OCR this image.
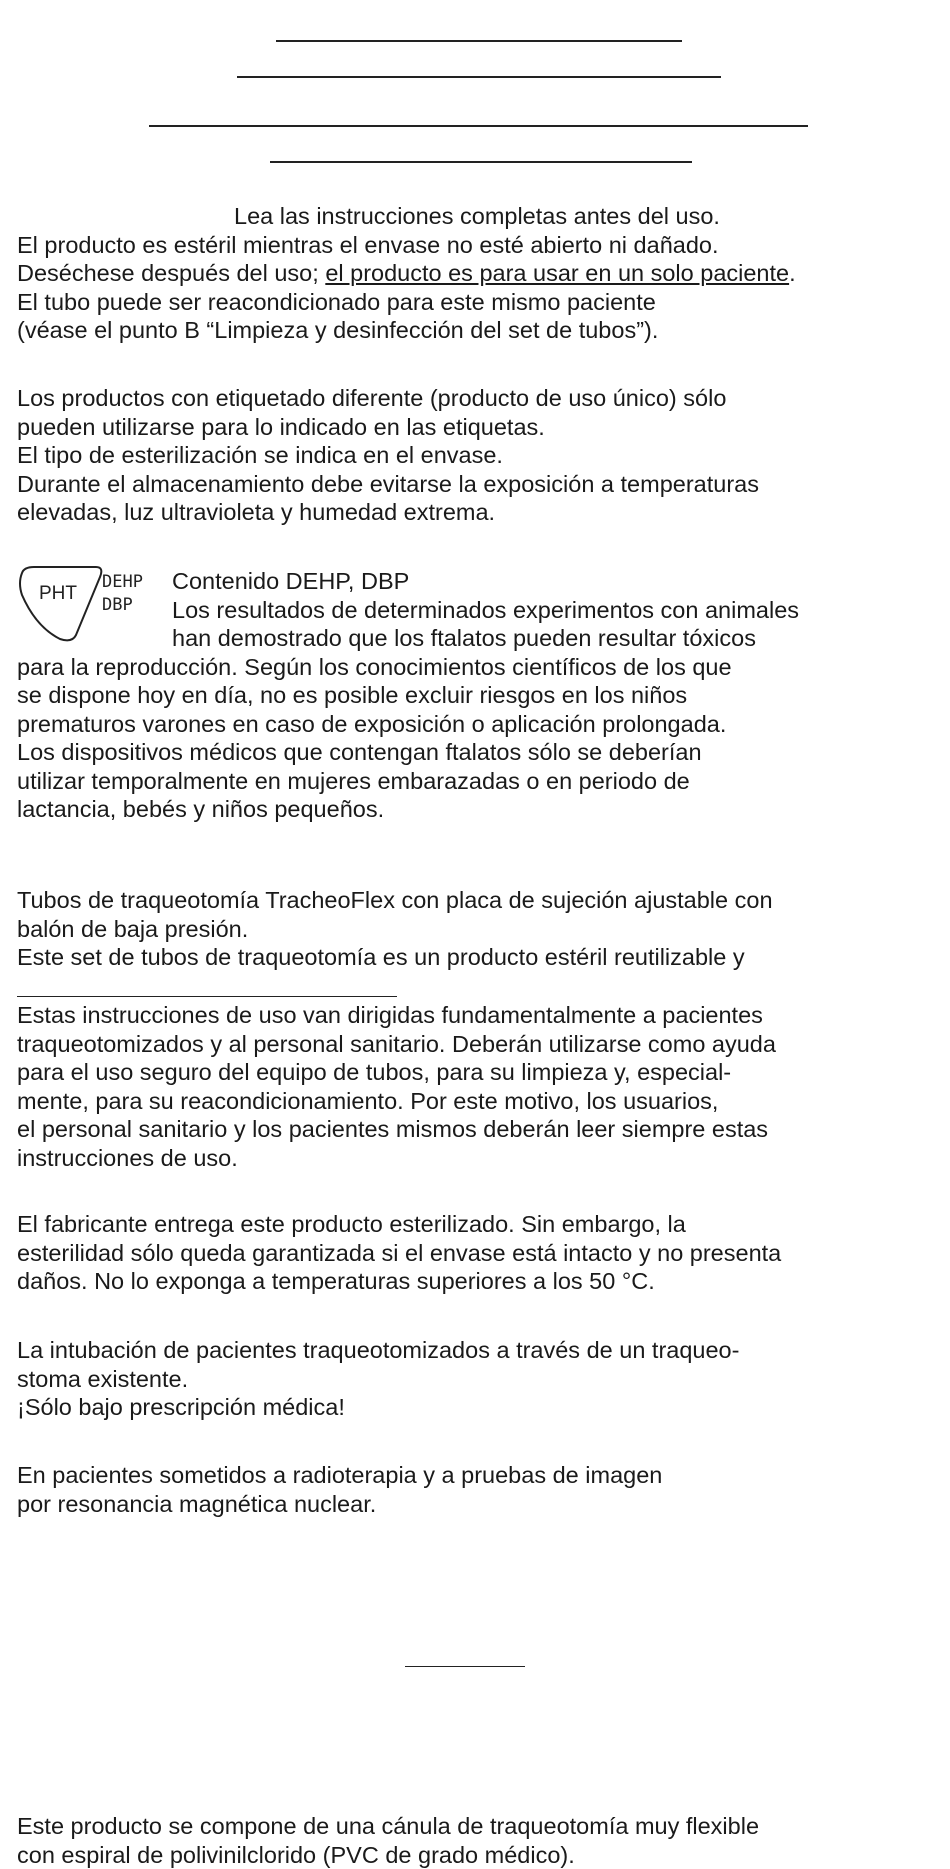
Lea las instrucciones completas antes del uso.
El producto es estéril mientras el envase no esté abierto ni dañado.
Deséchese después del uso; el producto es para usar en un solo paciente.
El tubo puede ser reacondicionado para este mismo paciente
(véase el punto B “Limpieza y desinfección del set de tubos”).
Los productos con etiquetado diferente (producto de uso único) sólo
pueden utilizarse para lo indicado en las etiquetas.
El tipo de esterilización se indica en el envase.
Durante el almacenamiento debe evitarse la exposición a temperaturas
elevadas, luz ultravioleta y humedad extrema.
PHT
DEHP
DBP
Contenido DEHP, DBP
Los resultados de determinados experimentos con animales
han demostrado que los ftalatos pueden resultar tóxicos
para la reproducción. Según los conocimientos científicos de los que
se dispone hoy en día, no es posible excluir riesgos en los niños
prematuros varones en caso de exposición o aplicación prolongada.
Los dispositivos médicos que contengan ftalatos sólo se deberían
utilizar temporalmente en mujeres embarazadas o en periodo de
lactancia, bebés y niños pequeños.
Tubos de traqueotomía TracheoFlex con placa de sujeción ajustable con
balón de baja presión.
Este set de tubos de traqueotomía es un producto estéril reutilizable y
Estas instrucciones de uso van dirigidas fundamentalmente a pacientes
traqueotomizados y al personal sanitario. Deberán utilizarse como ayuda
para el uso seguro del equipo de tubos, para su limpieza y, especial-
mente, para su reacondicionamiento. Por este motivo, los usuarios,
el personal sanitario y los pacientes mismos deberán leer siempre estas
instrucciones de uso.
El fabricante entrega este producto esterilizado. Sin embargo, la
esterilidad sólo queda garantizada si el envase está intacto y no presenta
daños. No lo exponga a temperaturas superiores a los 50 °C.
La intubación de pacientes traqueotomizados a través de un traqueo-
stoma existente.
¡Sólo bajo prescripción médica!
En pacientes sometidos a radioterapia y a pruebas de imagen
por resonancia magnética nuclear.
Este producto se compone de una cánula de traqueotomía muy flexible
con espiral de polivinilclorido (PVC de grado médico).
